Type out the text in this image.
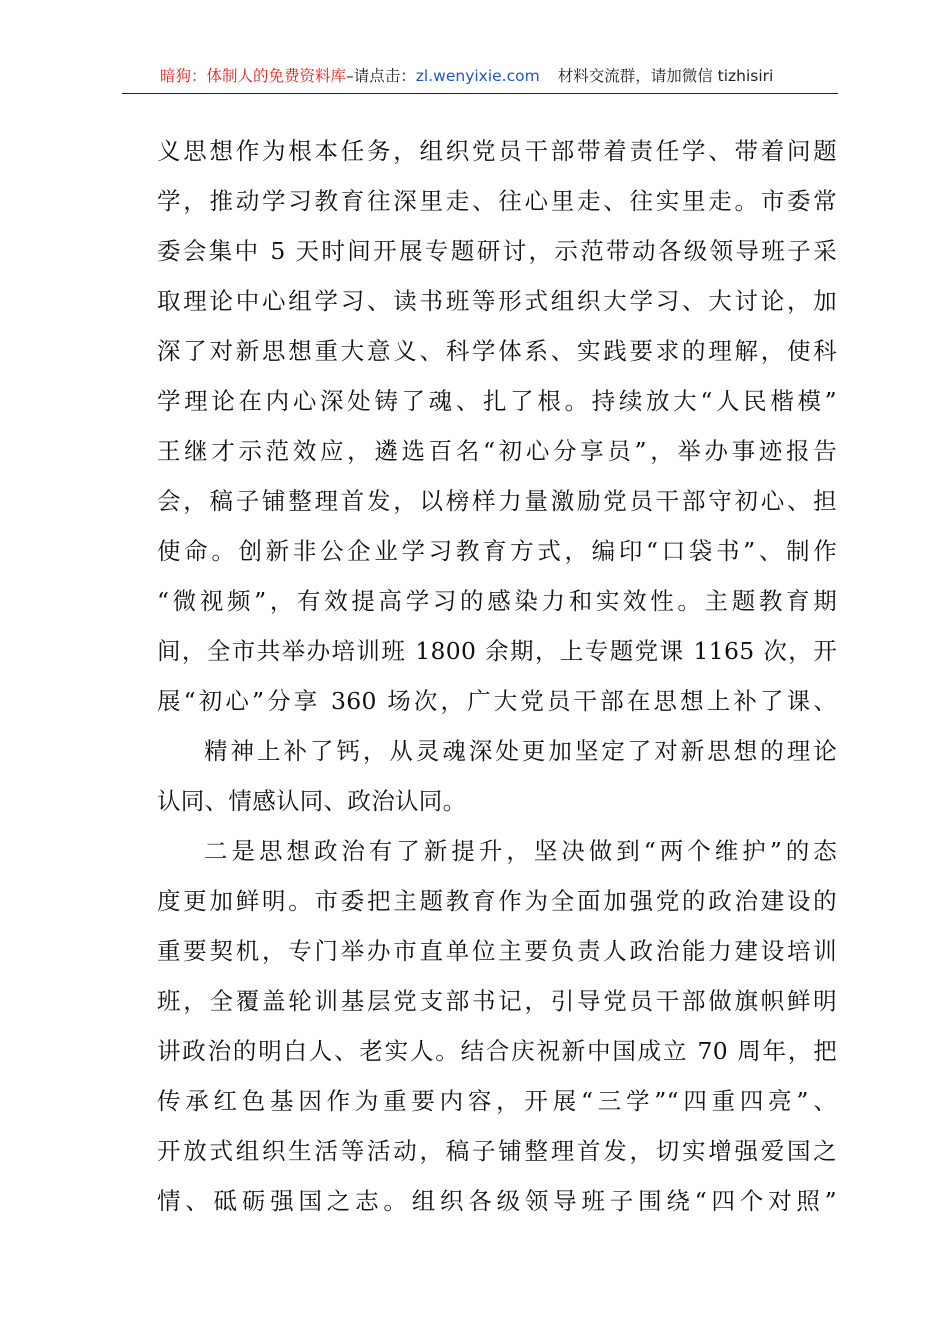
暗狗：体制人的免费资料库–请点击：zl.wenyixie.com 材料交流群，请加微信 tizhisiri

义思想作为根本任务，组织党员干部带着责任学、带着问题
学，推动学习教育往深里走、往心里走、往实里走。市委常
委会集中 5 天时间开展专题研讨，示范带动各级领导班子采
取理论中心组学习、读书班等形式组织大学习、大讨论，加
深了对新思想重大意义、科学体系、实践要求的理解，使科
学理论在内心深处铸了魂、扎了根。持续放大“人民楷模”
王继才示范效应，遴选百名“初心分享员”，举办事迹报告
会，稿子铺整理首发，以榜样力量激励党员干部守初心、担
使命。创新非公企业学习教育方式，编印“口袋书”、制作
“微视频”，有效提高学习的感染力和实效性。主题教育期
间，全市共举办培训班 1800 余期，上专题党课 1165 次，开
展“初心”分享 360 场次，广大党员干部在思想上补了课、

精神上补了钙，从灵魂深处更加坚定了对新思想的理论
认同、情感认同、政治认同。

二是思想政治有了新提升，坚决做到“两个维护”的态
度更加鲜明。市委把主题教育作为全面加强党的政治建设的
重要契机，专门举办市直单位主要负责人政治能力建设培训
班，全覆盖轮训基层党支部书记，引导党员干部做旗帜鲜明
讲政治的明白人、老实人。结合庆祝新中国成立 70 周年，把
传承红色基因作为重要内容，开展“三学”“四重四亮”、
开放式组织生活等活动，稿子铺整理首发，切实增强爱国之
情、砥砺强国之志。组织各级领导班子围绕“四个对照”
